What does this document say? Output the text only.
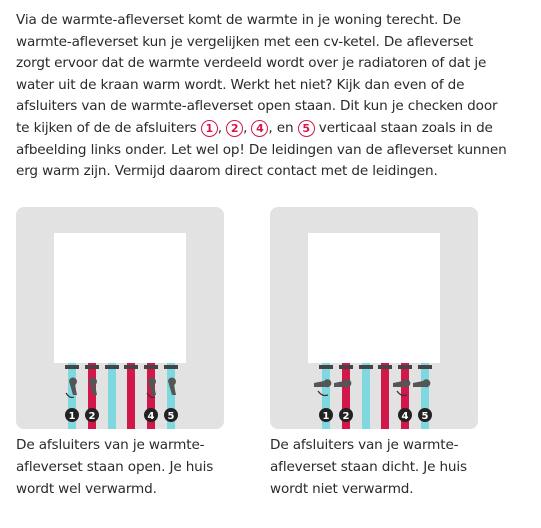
Via de warmte-afleverset komt de warmte in je woning terecht. De
warmte-afleverset kun je vergelijken met een cv-ketel. De afleverset
zorgt ervoor dat de warmte verdeeld wordt over je radiatoren of dat je
water uit de kraan warm wordt. Werkt het niet? Kijk dan even of de
afsluiters van de warmte-afleverset open staan. Dit kun je checken door
te kijken of de de afsluiters 1 , 2 , 4 , en 5 verticaal staan zoals in de
afbeelding links onder. Let wel op! De leidingen van de afleverset kunnen
erg warm zijn. Vermijd daarom direct contact met de leidingen.
1 2	4 5	1 2	4 5
De afsluiters van je warmte-
afleverset staan open. Je huis
wordt wel verwarmd.
De afsluiters van je warmte-
afleverset staan dicht. Je huis
wordt niet verwarmd.
